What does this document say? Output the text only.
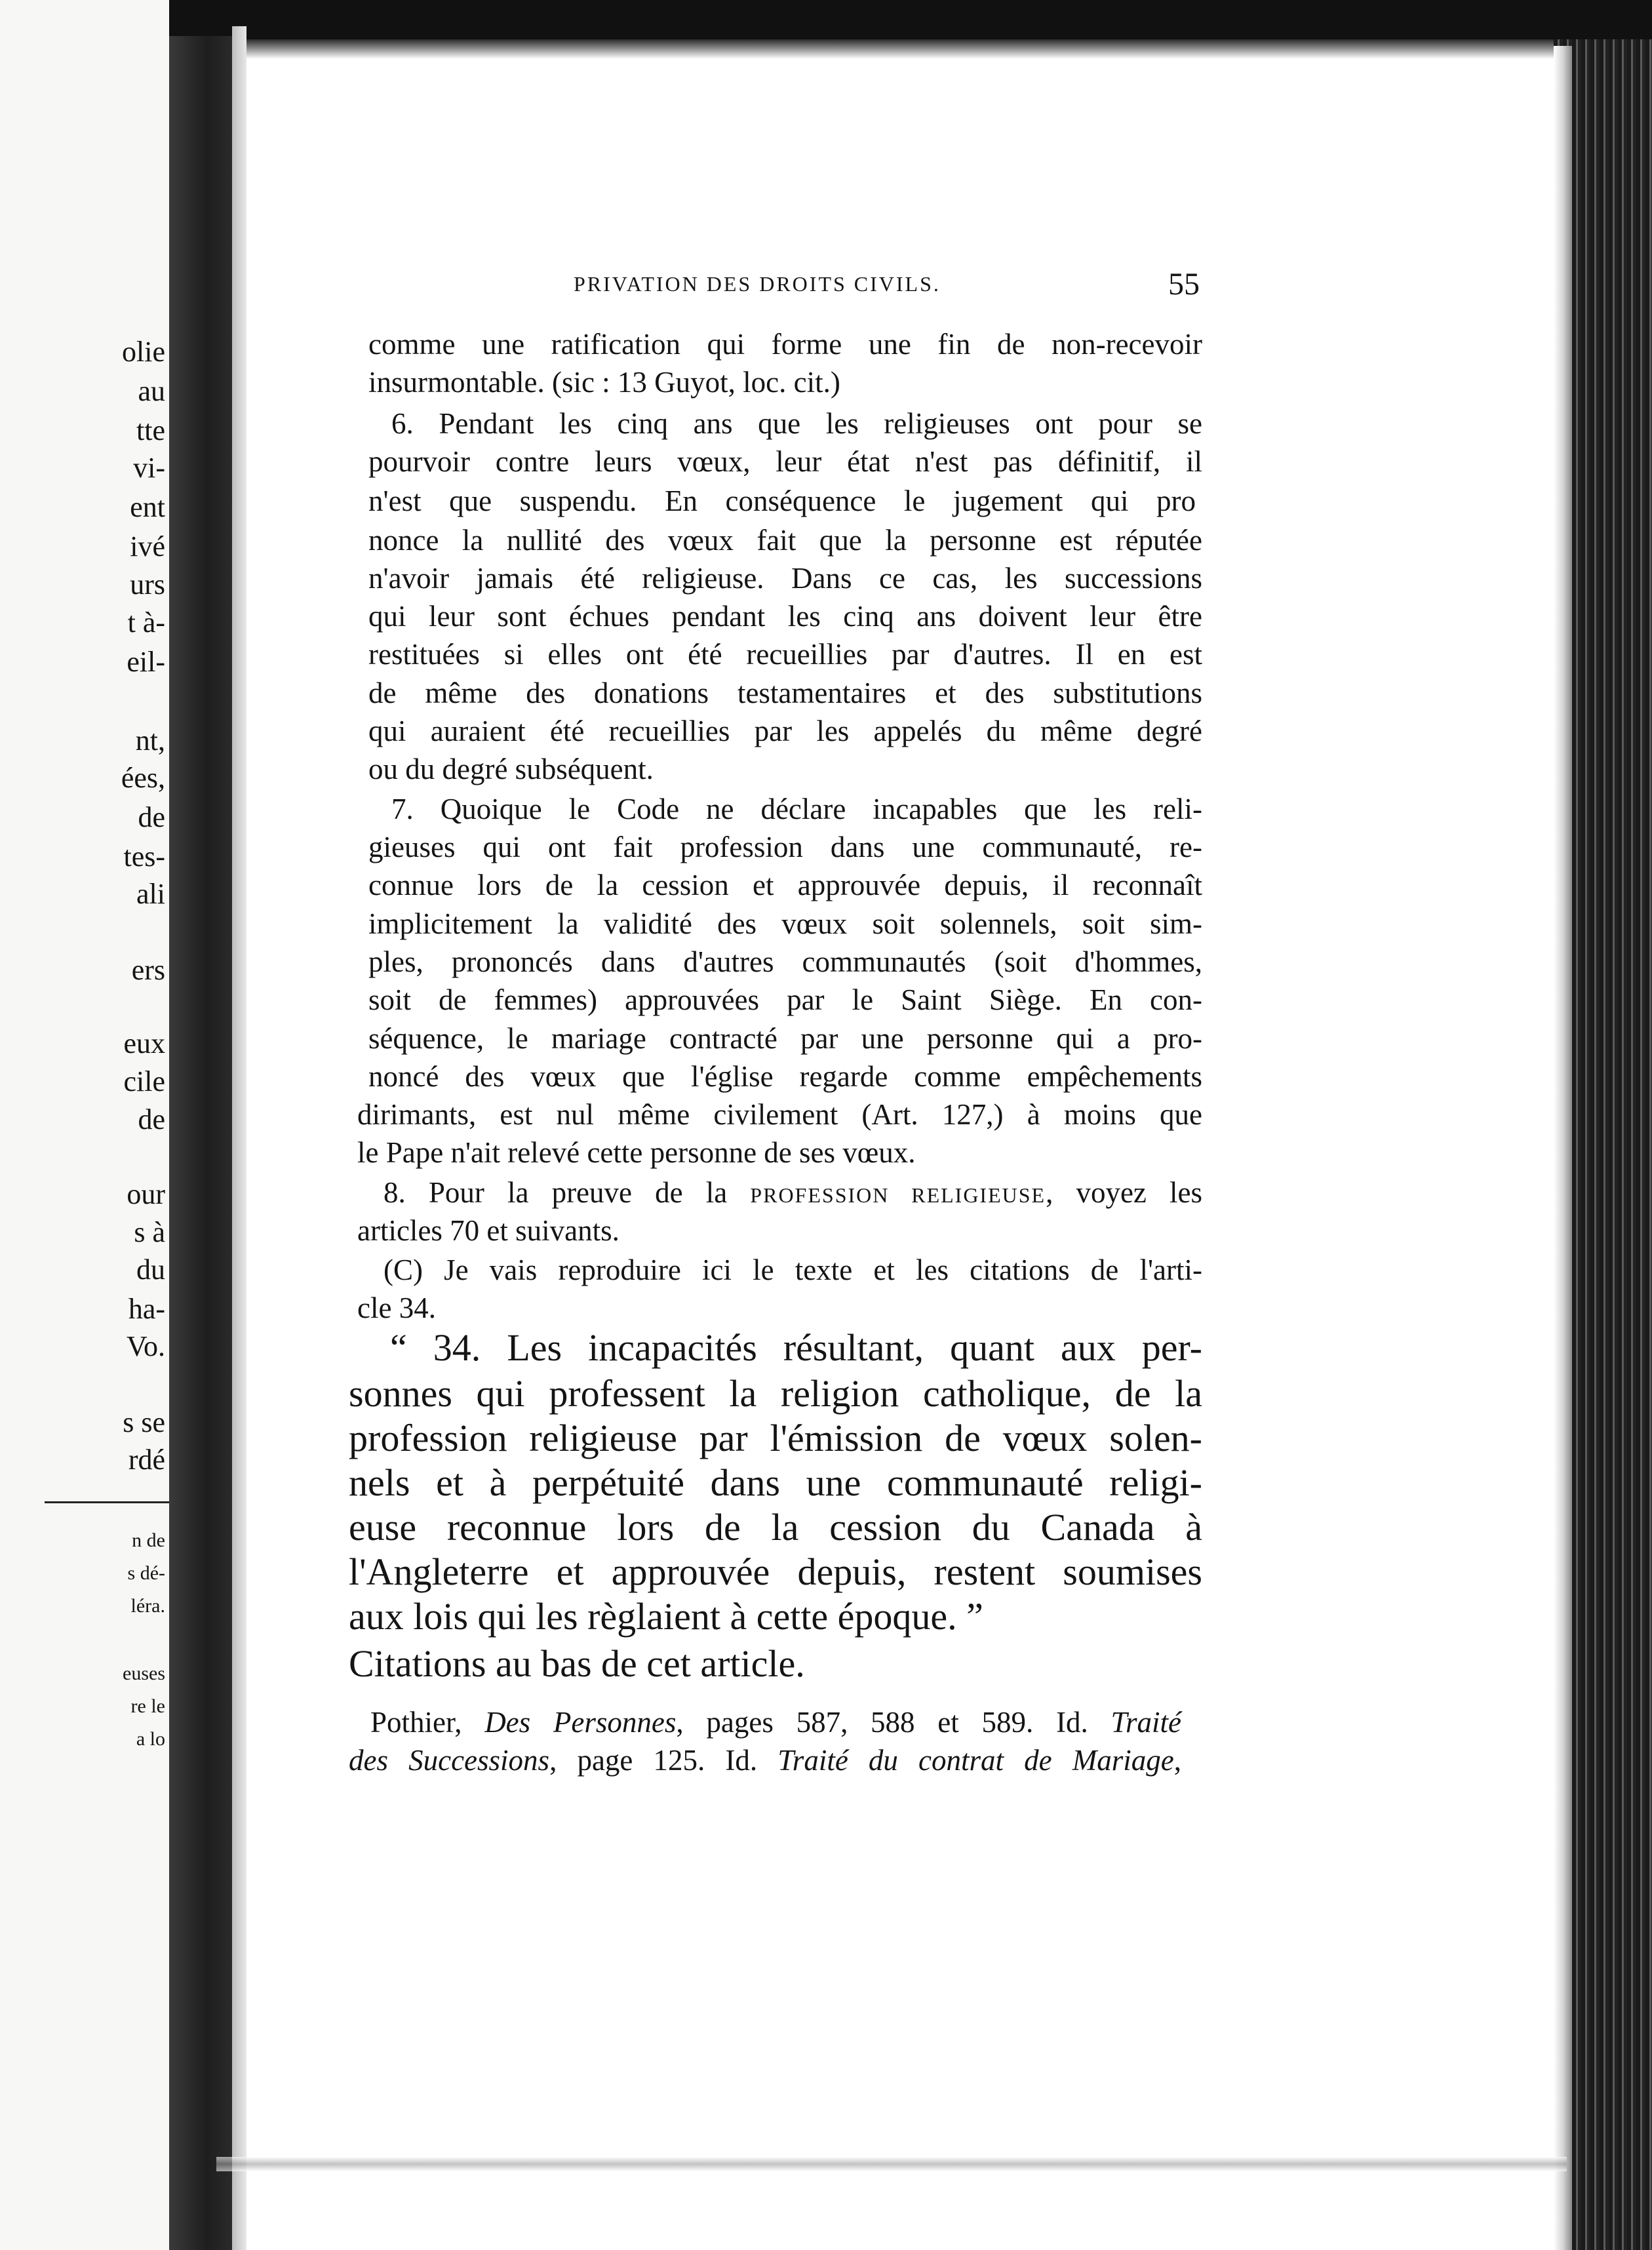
olie
au
tte
vi-
ent
ivé
urs
t à-
eil-
nt,
ées,
de
tes-
ali
ers
eux
cile
de
our
s à
du
ha-
Vo.
s se
rdé
n de
s dé-
léra.
euses
re le
a lo
PRIVATION DES DROITS CIVILS.	55
comme une ratification qui forme une fin de non-recevoir
insurmontable. (sic : 13 Guyot, loc. cit.)
6. Pendant les cinq ans que les religieuses ont pour se
pourvoir contre leurs vœux, leur état n'est pas définitif, il
n'est que suspendu. En conséquence le jugement qui pro
nonce la nullité des vœux fait que la personne est réputée
n'avoir jamais été religieuse. Dans ce cas, les successions
qui leur sont échues pendant les cinq ans doivent leur être
restituées si elles ont été recueillies par d'autres. Il en est
de même des donations testamentaires et des substitutions
qui auraient été recueillies par les appelés du même degré
ou du degré subséquent.
7. Quoique le Code ne déclare incapables que les reli-
gieuses qui ont fait profession dans une communauté, re-
connue lors de la cession et approuvée depuis, il reconnaît
implicitement la validité des vœux soit solennels, soit sim-
ples, prononcés dans d'autres communautés (soit d'hommes,
soit de femmes) approuvées par le Saint Siège. En con-
séquence, le mariage contracté par une personne qui a pro-
noncé des vœux que l'église regarde comme empêchements
dirimants, est nul même civilement (Art. 127,) à moins que
le Pape n'ait relevé cette personne de ses vœux.
8. Pour la preuve de la PROFESSION RELIGIEUSE, voyez les
articles 70 et suivants.
(C) Je vais reproduire ici le texte et les citations de l'arti-
cle 34.
“ 34. Les incapacités résultant, quant aux per-
sonnes qui professent la religion catholique, de la
profession religieuse par l'émission de vœux solen-
nels et à perpétuité dans une communauté religi-
euse reconnue lors de la cession du Canada à
l'Angleterre et approuvée depuis, restent soumises
aux lois qui les règlaient à cette époque. ”
Citations au bas de cet article.
Pothier, Des Personnes, pages 587, 588 et 589. Id. Traité
des Successions, page 125. Id. Traité du contrat de Mariage,
